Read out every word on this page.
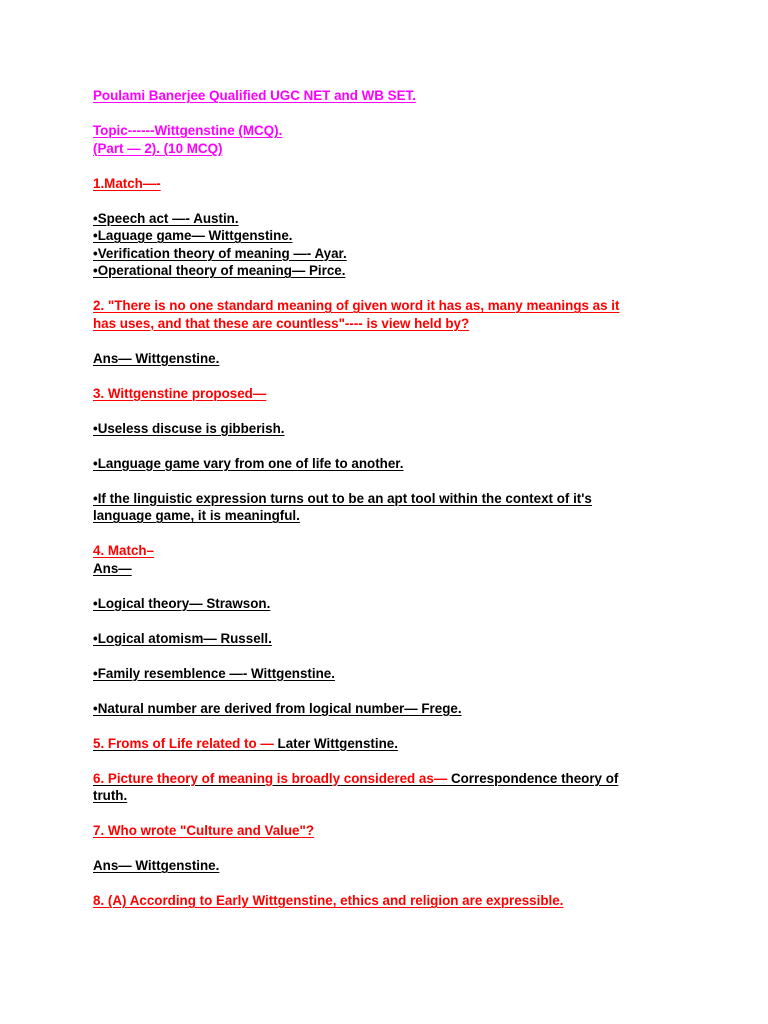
Poulami Banerjee Qualified UGC NET and WB SET.
Topic------Wittgenstine (MCQ).
(Part — 2). (10 MCQ)
1.Match—-
•Speech act —- Austin.
•Laguage game— Wittgenstine.
•Verification theory of meaning —- Ayar.
•Operational theory of meaning— Pirce.
2. "There is no one standard meaning of given word it has as, many meanings as it
has uses, and that these are countless"---- is view held by?
Ans— Wittgenstine.
3. Wittgenstine proposed—
•Useless discuse is gibberish.
•Language game vary from one of life to another.
•If the linguistic expression turns out to be an apt tool within the context of it's
language game, it is meaningful.
4. Match–
Ans—
•Logical theory— Strawson.
•Logical atomism— Russell.
•Family resemblence —- Wittgenstine.
•Natural number are derived from logical number— Frege.
5. Froms of Life related to — Later Wittgenstine.
6. Picture theory of meaning is broadly considered as— Correspondence theory of
truth.
7. Who wrote "Culture and Value"?
Ans— Wittgenstine.
8. (A) According to Early Wittgenstine, ethics and religion are expressible.
